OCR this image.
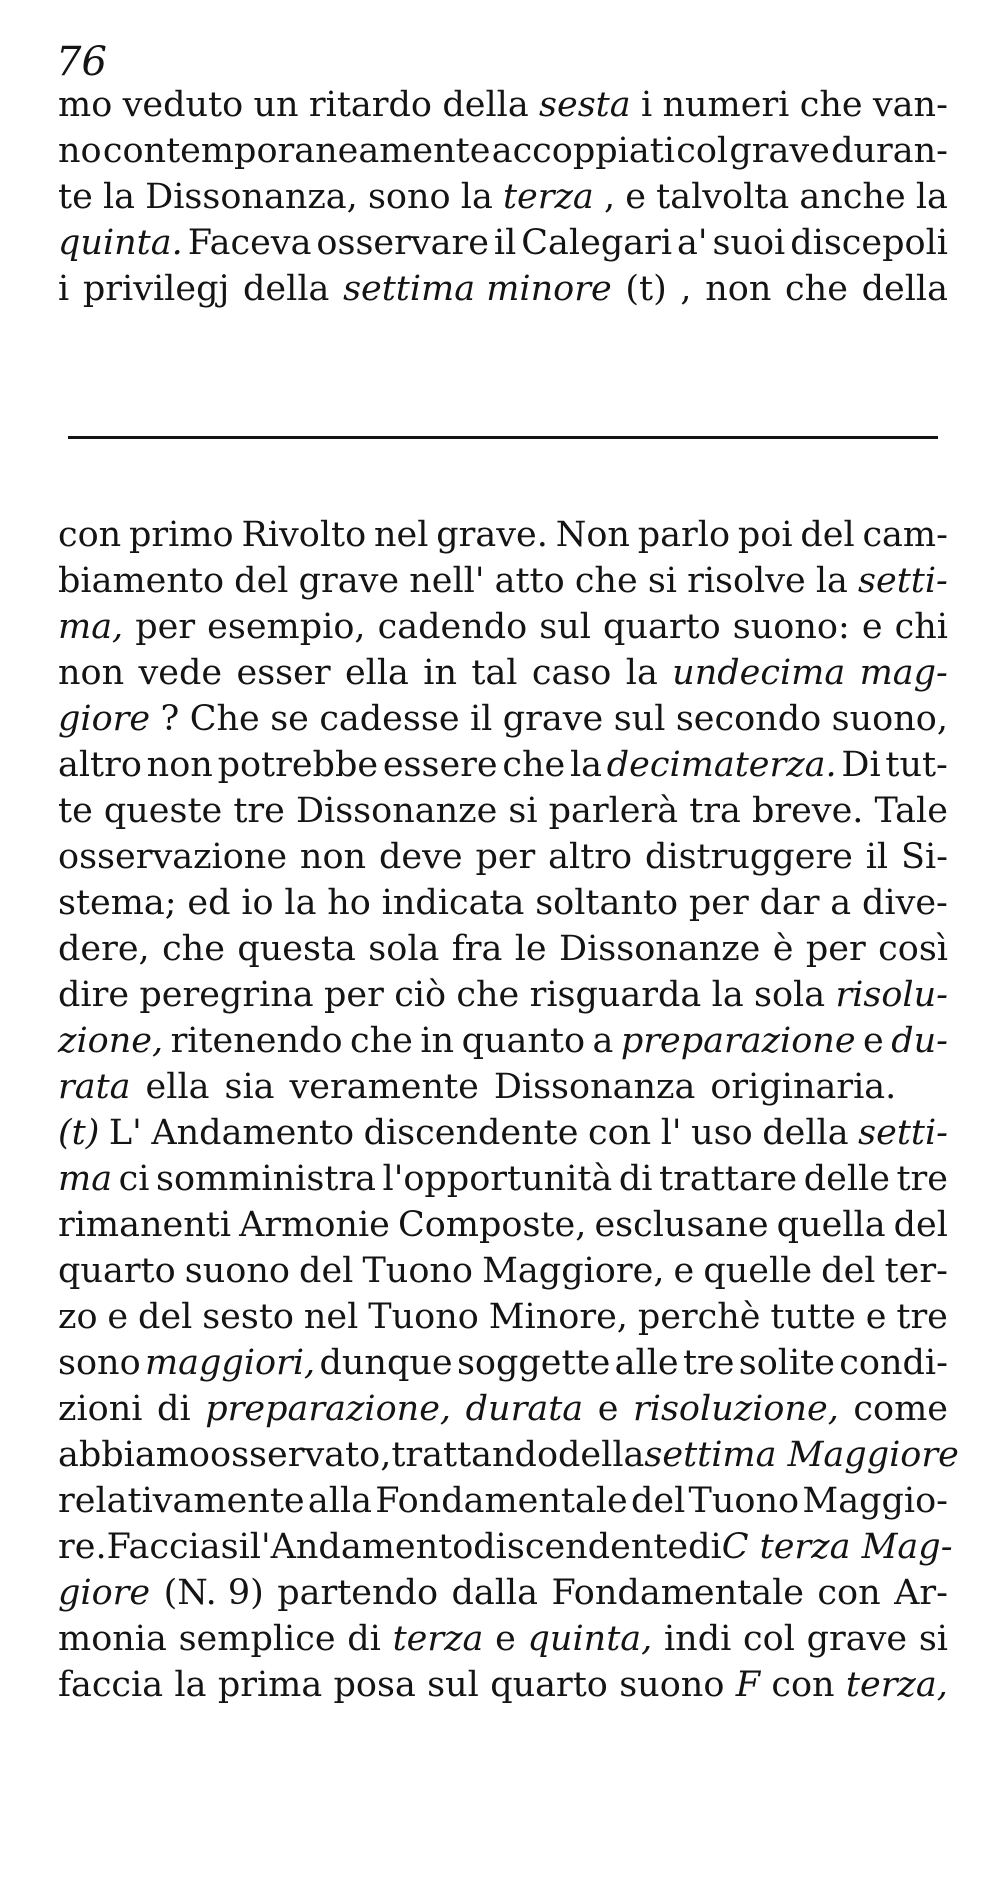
76
mo veduto un ritardo della sesta i numeri che van-
no contemporaneamente accoppiati col grave duran-
te la Dissonanza, sono la terza , e talvolta anche la
quinta. Faceva osservare il Calegari a' suoi discepoli
i privilegj della settima minore (t) , non che della
con primo Rivolto nel grave. Non parlo poi del cam-
biamento del grave nell' atto che si risolve la setti-
ma, per esempio, cadendo sul quarto suono: e chi
non vede esser ella in tal caso la undecima mag-
giore ? Che se cadesse il grave sul secondo suono,
altro non potrebbe essere che la decimaterza. Di tut-
te queste tre Dissonanze si parlerà tra breve. Tale
osservazione non deve per altro distruggere il Si-
stema; ed io la ho indicata soltanto per dar a dive-
dere, che questa sola fra le Dissonanze è per così
dire peregrina per ciò che risguarda la sola risolu-
zione, ritenendo che in quanto a preparazione e du-
rata ella sia veramente Dissonanza originaria.
(t) L' Andamento discendente con l' uso della setti-
ma ci somministra l'opportunità di trattare delle tre
rimanenti Armonie Composte, esclusane quella del
quarto suono del Tuono Maggiore, e quelle del ter-
zo e del sesto nel Tuono Minore, perchè tutte e tre
sono maggiori, dunque soggette alle tre solite condi-
zioni di preparazione, durata e risoluzione, come
abbiamo osservato, trattando della settima Maggiore
relativamente alla Fondamentale del Tuono Maggio-
re. Facciasi l' Andamento discendente di C terza Mag-
giore (N. 9) partendo dalla Fondamentale con Ar-
monia semplice di terza e quinta, indi col grave si
faccia la prima posa sul quarto suono F con terza,
